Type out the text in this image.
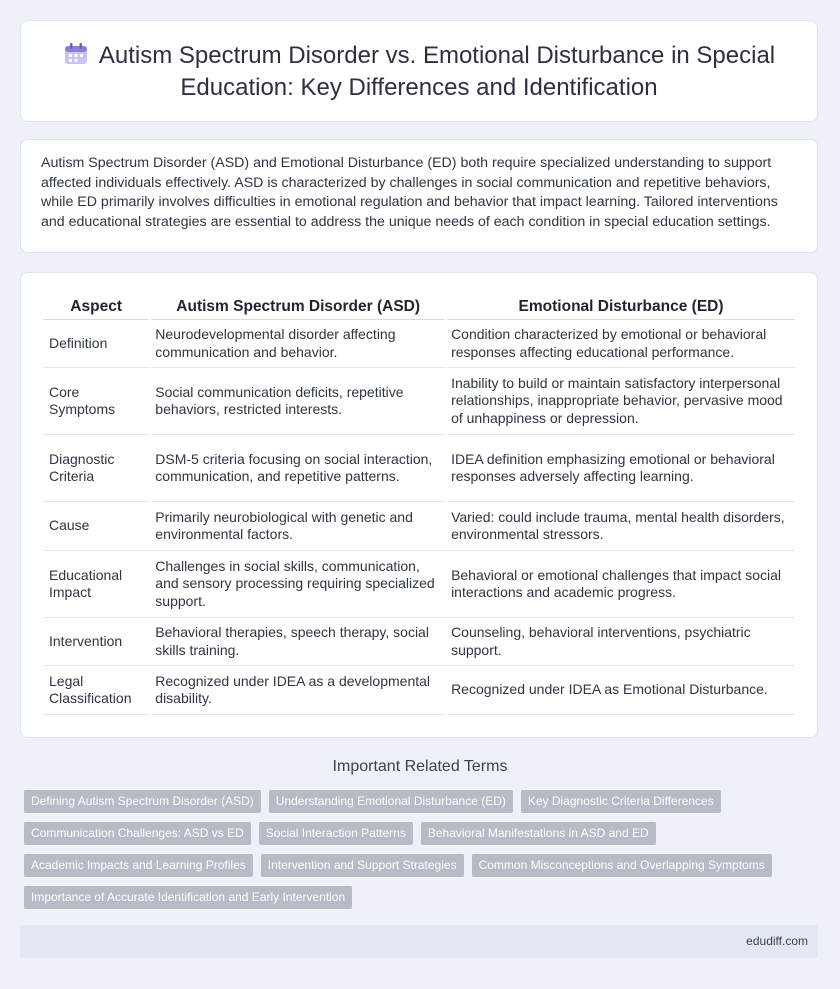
Autism Spectrum Disorder vs. Emotional Disturbance in Special Education: Key Differences and Identification
Autism Spectrum Disorder (ASD) and Emotional Disturbance (ED) both require specialized understanding to support affected individuals effectively. ASD is characterized by challenges in social communication and repetitive behaviors, while ED primarily involves difficulties in emotional regulation and behavior that impact learning. Tailored interventions and educational strategies are essential to address the unique needs of each condition in special education settings.
Aspect	Autism Spectrum Disorder (ASD)	Emotional Disturbance (ED)
Definition	Neurodevelopmental disorder affecting communication and behavior.	Condition characterized by emotional or behavioral responses affecting educational performance.
Core Symptoms	Social communication deficits, repetitive behaviors, restricted interests.	Inability to build or maintain satisfactory interpersonal relationships, inappropriate behavior, pervasive mood of unhappiness or depression.
Diagnostic Criteria	DSM-5 criteria focusing on social interaction, communication, and repetitive patterns.	IDEA definition emphasizing emotional or behavioral responses adversely affecting learning.
Cause	Primarily neurobiological with genetic and environmental factors.	Varied: could include trauma, mental health disorders, environmental stressors.
Educational Impact	Challenges in social skills, communication, and sensory processing requiring specialized support.	Behavioral or emotional challenges that impact social interactions and academic progress.
Intervention	Behavioral therapies, speech therapy, social skills training.	Counseling, behavioral interventions, psychiatric support.
Legal Classification	Recognized under IDEA as a developmental disability.	Recognized under IDEA as Emotional Disturbance.
Important Related Terms
Defining Autism Spectrum Disorder (ASD)	Understanding Emotional Disturbance (ED)	Key Diagnostic Criteria Differences
Communication Challenges: ASD vs ED	Social Interaction Patterns	Behavioral Manifestations in ASD and ED
Academic Impacts and Learning Profiles	Intervention and Support Strategies	Common Misconceptions and Overlapping Symptoms
Importance of Accurate Identification and Early Intervention
edudiff.com
